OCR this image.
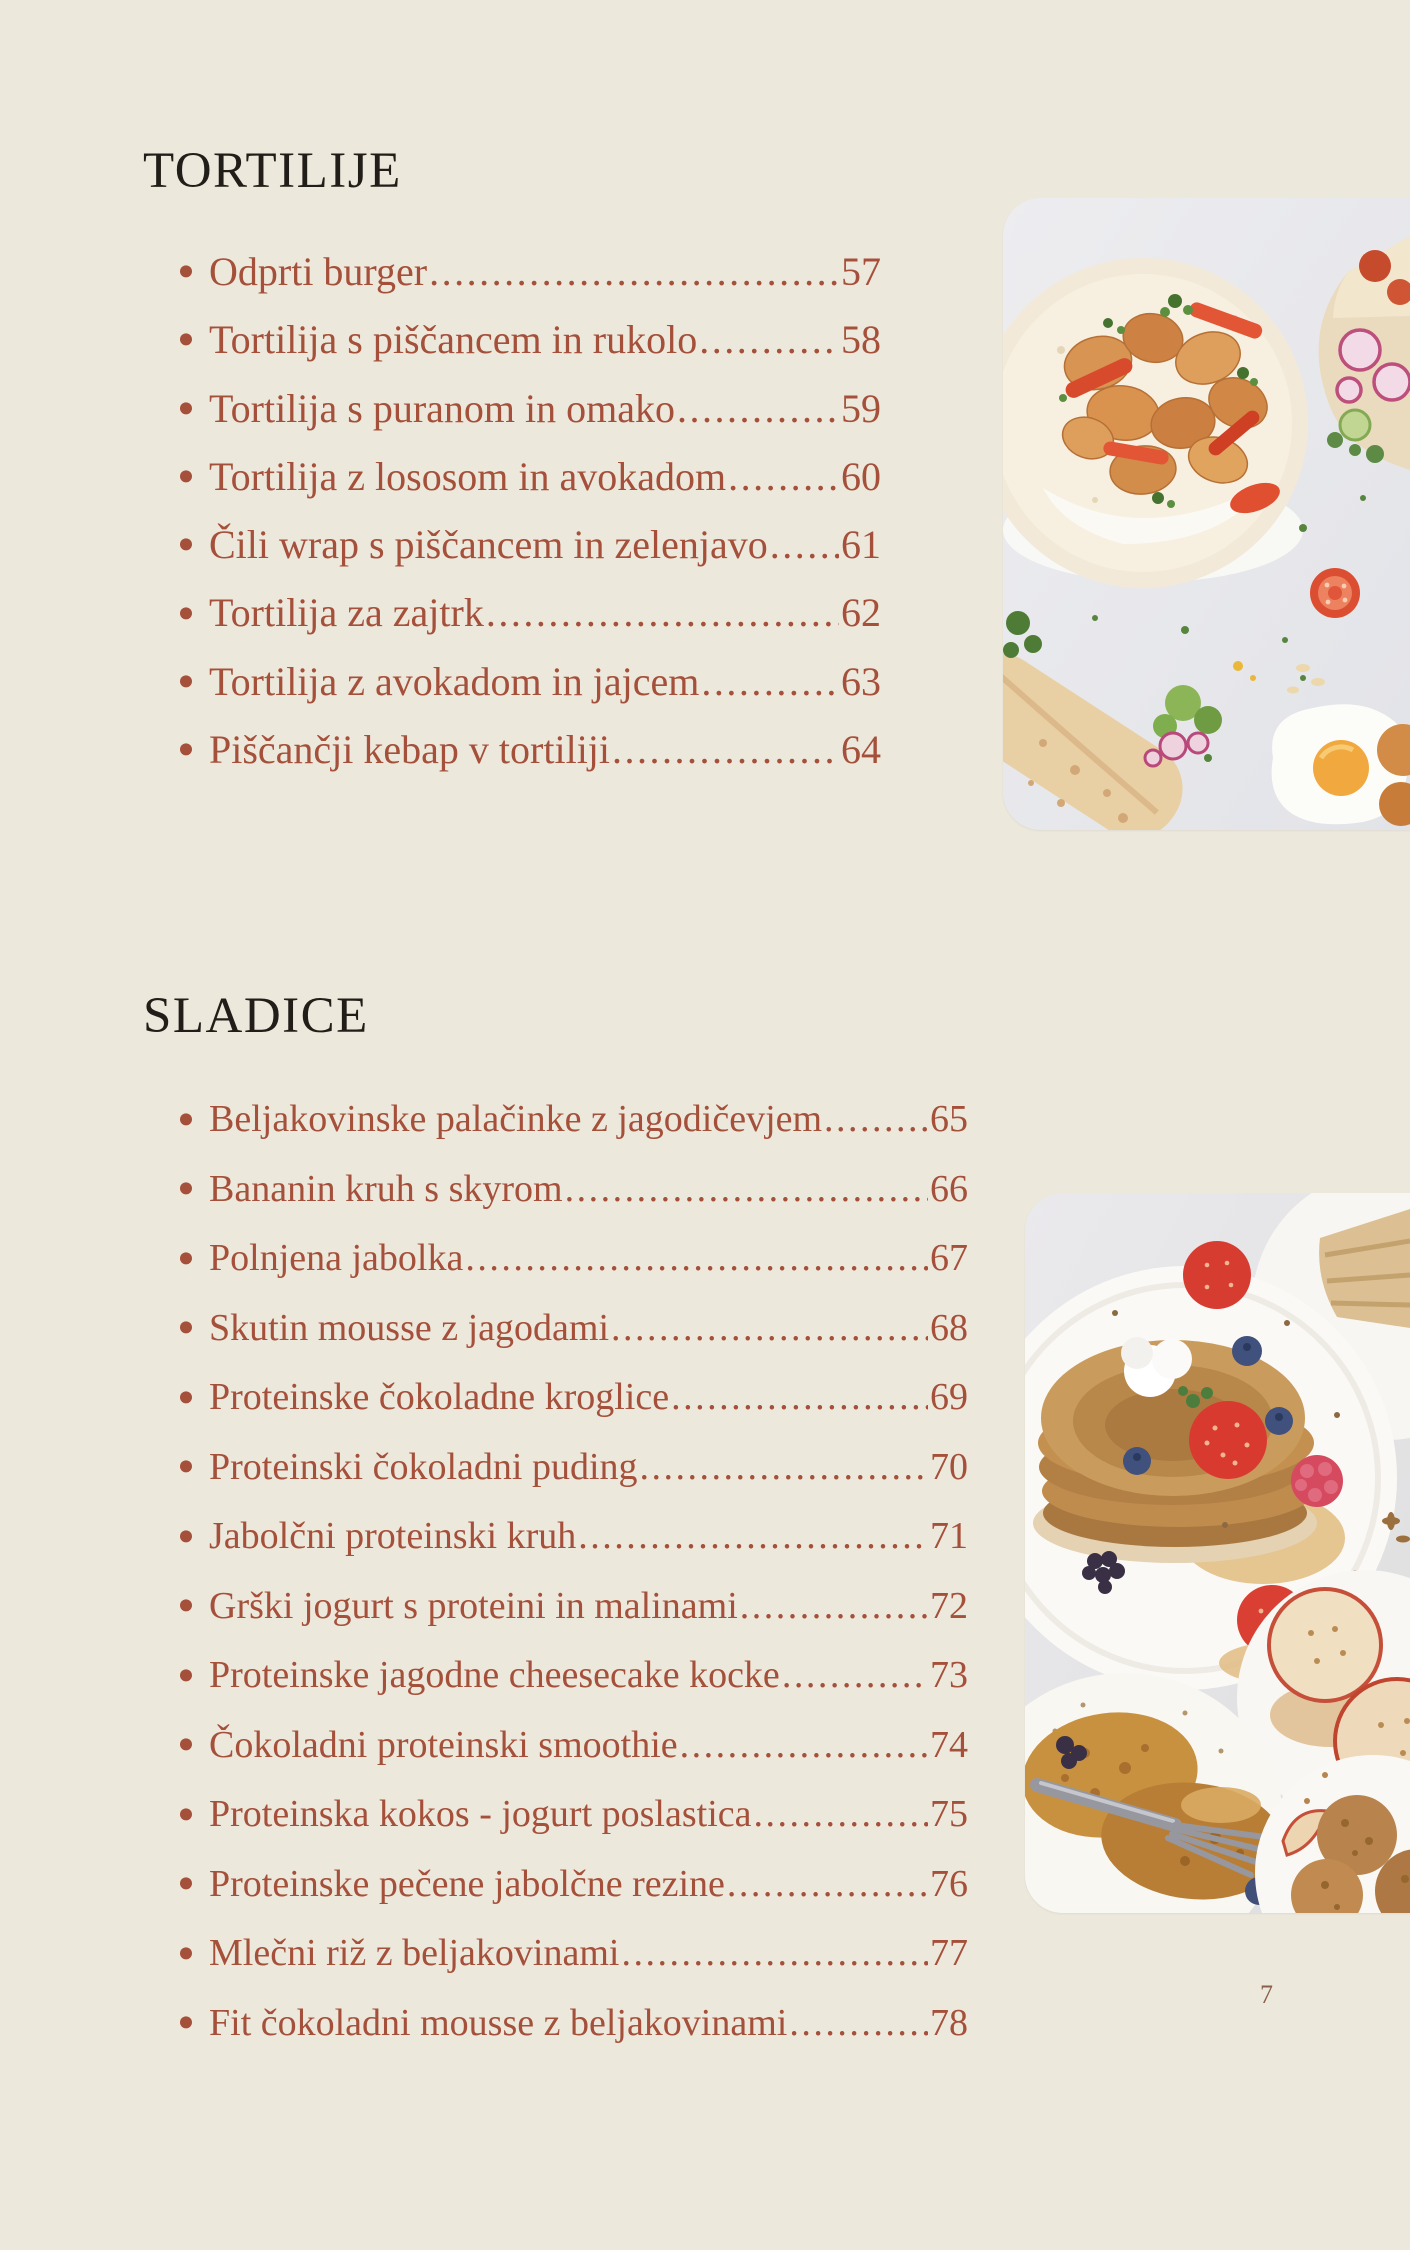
TORTILIJE
Odprti burger .....	57
Tortilija s piščancem in rukolo .....	58
Tortilija s puranom in omako .....	59
Tortilija z lososom in avokadom .....	60
Čili wrap s piščancem in zelenjavo ..... 61
Tortilija za zajtrk .....	62
Tortilija z avokadom in jajcem .....	63
Piščančji kebap v tortiliji .....	64
SLADICE
Beljakovinske palačinke z jagodičevjem .....	65
Bananin kruh s skyrom .....	66
Polnjena jabolka .....	67
Skutin mousse z jagodami .....	68
Proteinske čokoladne kroglice .....	69
Proteinski čokoladni puding .....	70
Jabolčni proteinski kruh .....	71
Grški jogurt s proteini in malinami .....	72
Proteinske jagodne cheesecake kocke .....	73
Čokoladni proteinski smoothie .....	74
Proteinska kokos - jogurt poslastica .....	75
Proteinske pečene jabolčne rezine .....	76
Mlečni riž z beljakovinami .....	77
Fit čokoladni mousse z beljakovinami .....	78
7
